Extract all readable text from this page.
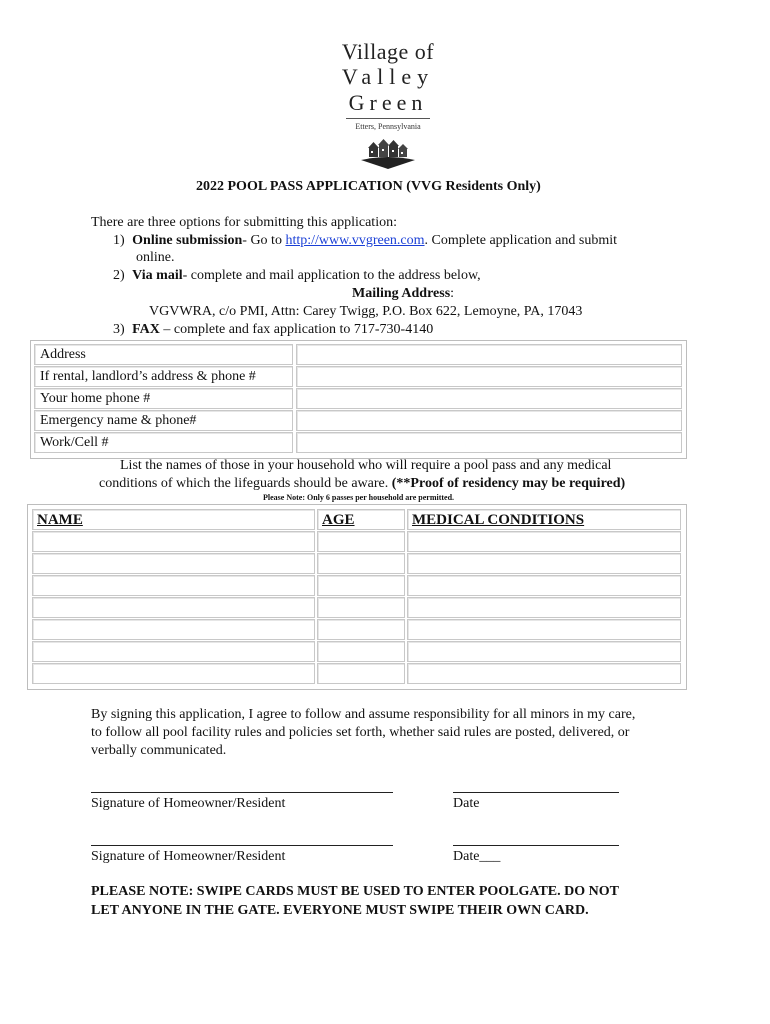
Village of
Valley
Green
Etters, Pennsylvania
2022 POOL PASS APPLICATION (VVG Residents Only)
There are three options for submitting this application:
1) Online submission- Go to http://www.vvgreen.com. Complete application and submit
online.
2) Via mail- complete and mail application to the address below,
Mailing Address:
VGVWRA, c/o PMI, Attn: Carey Twigg, P.O. Box 622, Lemoyne, PA, 17043
3) FAX – complete and fax application to 717-730-4140
Address
If rental, landlord’s address & phone #
Your home phone #
Emergency name & phone#
Work/Cell #
List the names of those in your household who will require a pool pass and any medical
conditions of which the lifeguards should be aware. (**Proof of residency may be required)
Please Note: Only 6 passes per household are permitted.
NAME	AGE	MEDICAL CONDITIONS
By signing this application, I agree to follow and assume responsibility for all minors in my care,
to follow all pool facility rules and policies set forth, whether said rules are posted, delivered, or
verbally communicated.
Signature of Homeowner/Resident	Date
Signature of Homeowner/Resident	Date___
PLEASE NOTE: SWIPE CARDS MUST BE USED TO ENTER POOLGATE. DO NOT
LET ANYONE IN THE GATE. EVERYONE MUST SWIPE THEIR OWN CARD.
